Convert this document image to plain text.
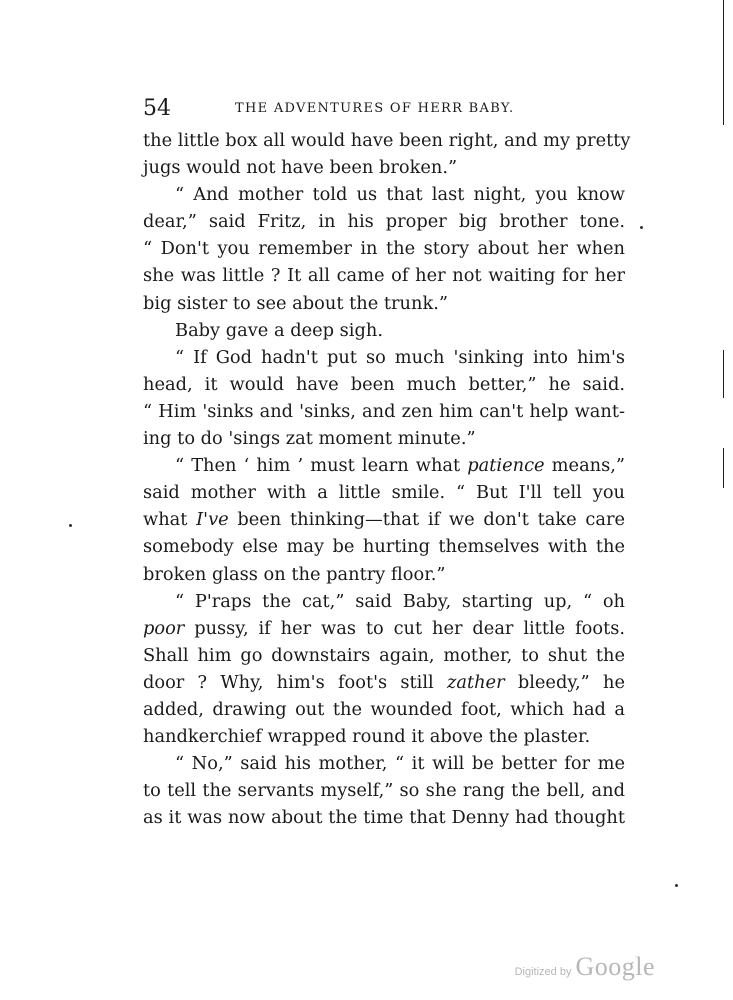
54	THE ADVENTURES OF HERR BABY.
the little box all would have been right, and my pretty
jugs would not have been broken.”
“ And mother told us that last night, you know
dear,” said Fritz, in his proper big brother tone.
“ Don't you remember in the story about her when
she was little ? It all came of her not waiting for her
big sister to see about the trunk.”
Baby gave a deep sigh.
“ If God hadn't put so much 'sinking into him's
head, it would have been much better,” he said.
“ Him 'sinks and 'sinks, and zen him can't help want-
ing to do 'sings zat moment minute.”
“ Then ‘ him ’ must learn what patience means,”
said mother with a little smile. “ But I'll tell you
what I've been thinking—that if we don't take care
somebody else may be hurting themselves with the
broken glass on the pantry floor.”
“ P'raps the cat,” said Baby, starting up, “ oh
poor pussy, if her was to cut her dear little foots.
Shall him go downstairs again, mother, to shut the
door ? Why, him's foot's still zather bleedy,” he
added, drawing out the wounded foot, which had a
handkerchief wrapped round it above the plaster.
“ No,” said his mother, “ it will be better for me
to tell the servants myself,” so she rang the bell, and
as it was now about the time that Denny had thought
Digitized by Google
